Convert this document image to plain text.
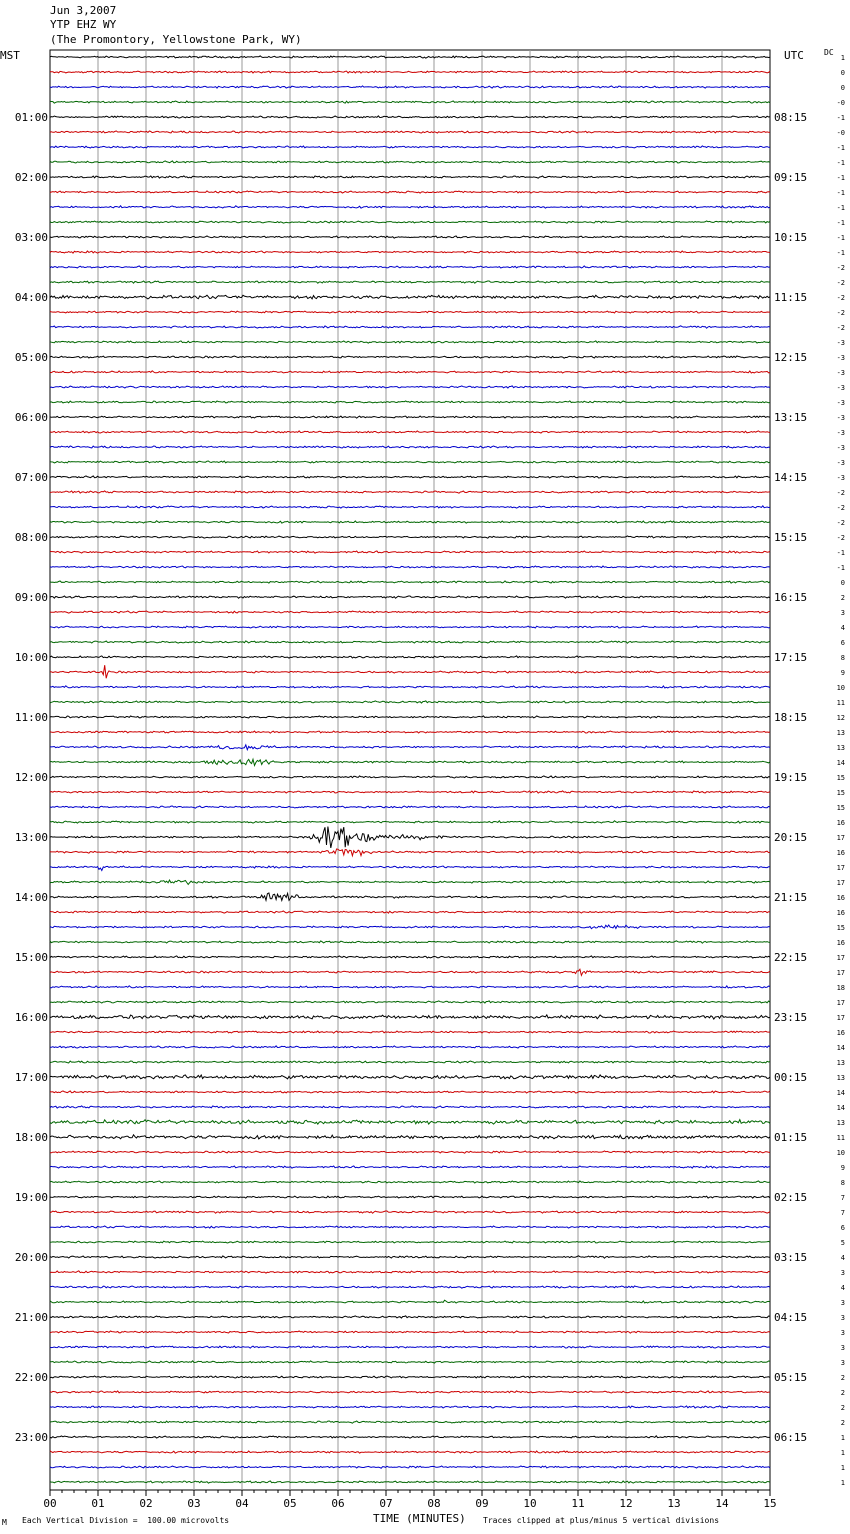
Jun 3,2007
YTP EHZ WY
(The Promontory, Yellowstone Park, WY)
MST	UTC	DC
00	01	02	03	04	05	06	07	08	09	10	11	12	13	14	15
01:00
02:00
03:00
04:00
05:00
06:00
07:00
08:00
09:00
10:00
11:00
12:00
13:00
14:00
15:00
16:00
17:00
18:00
19:00
20:00
21:00
22:00
23:00
08:15
09:15
10:15
11:15
12:15
13:15
14:15
15:15
16:15
17:15
18:15
19:15
20:15
21:15
22:15
23:15
00:15
01:15
02:15
03:15
04:15
05:15
06:15
1
0
0
-0
-1
-0
-1
-1
-1
-1
-1
-1
-1
-1
-2
-2
-2
-2
-2
-3
-3
-3
-3
-3
-3
-3
-3
-3
-3
-2
-2
-2
-2
-1
-1
0
2
3
4
6
8
9
10
11
12
13
13
14
15
15
15
16
17
16
17
17
16
16
15
16
17
17
18
17
17
16
14
13
13
14
14
13
11
10
9
8
7
7
6
5
4
3
4
3
3
3
3
3
2
2
2
2
1
1
1
1
M Each Vertical Division =  100.00 microvolts	TIME (MINUTES) Traces clipped at plus/minus 5 vertical divisions
